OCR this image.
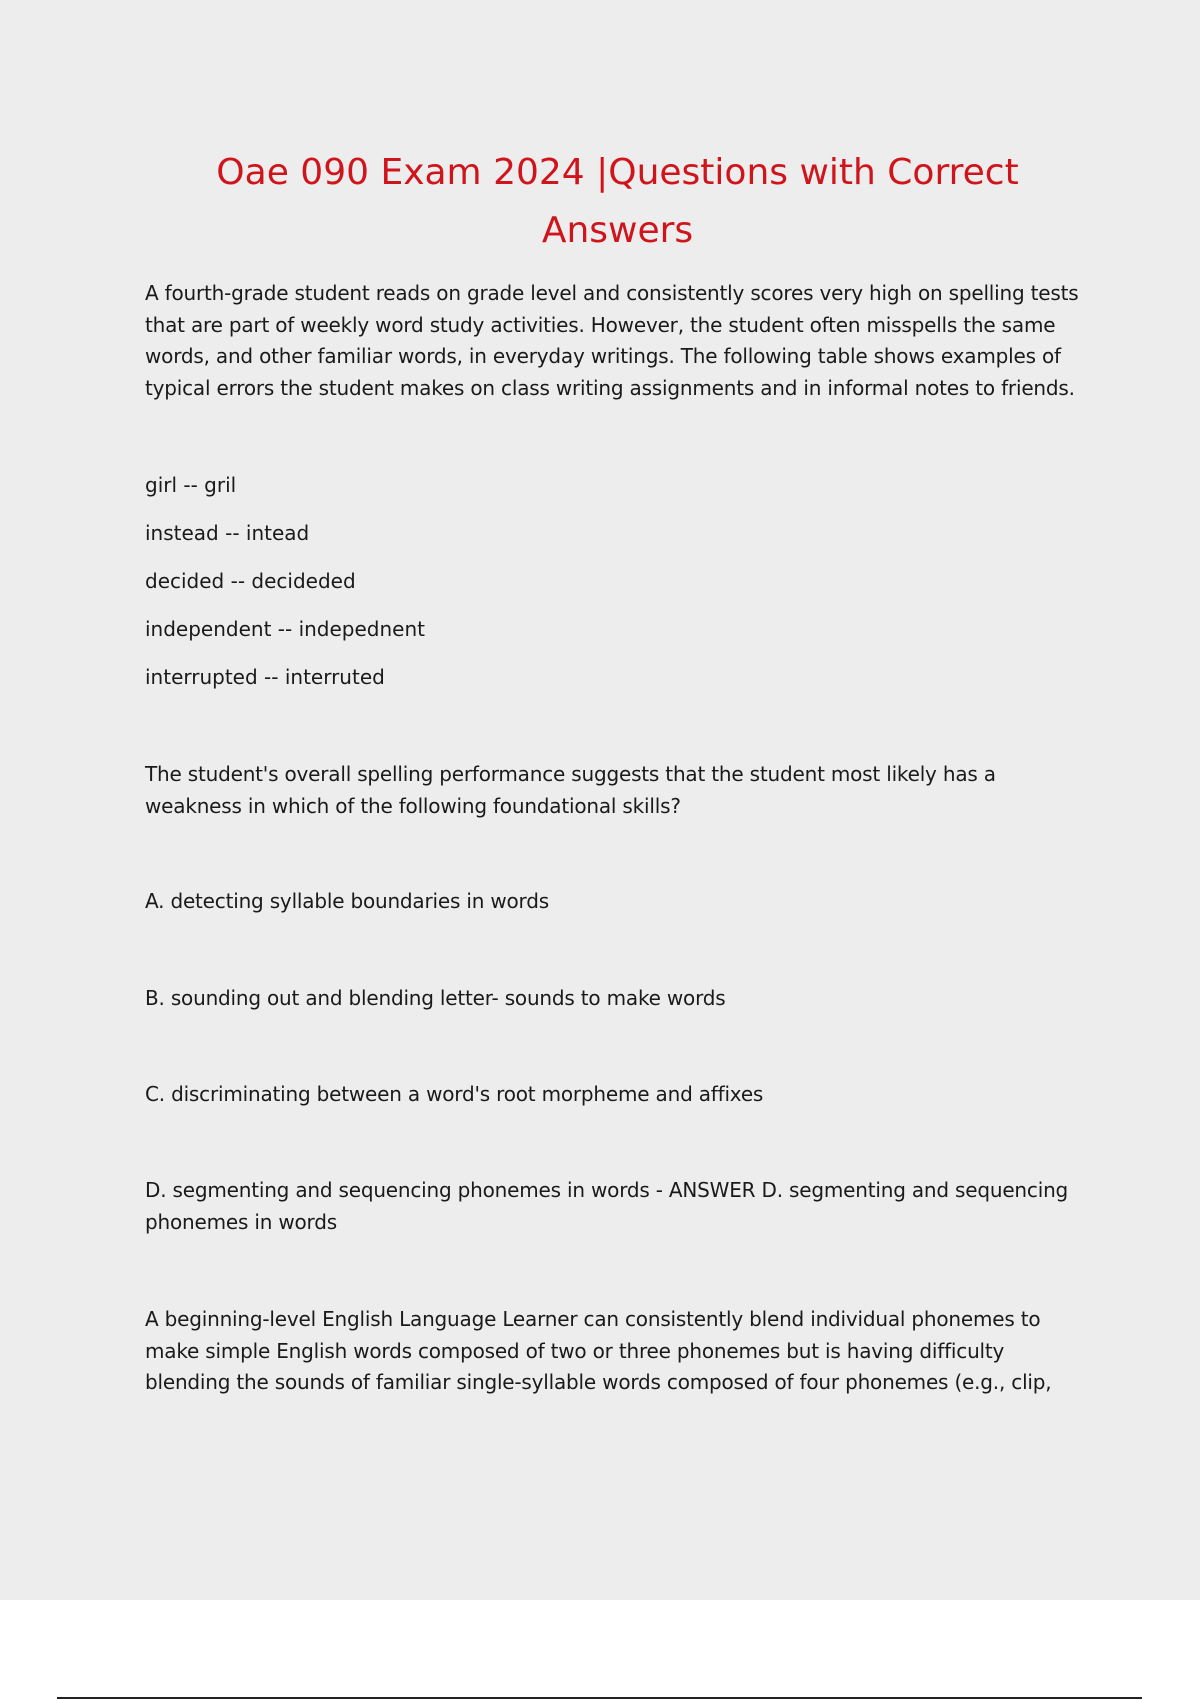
Oae 090 Exam 2024 |Questions with Correct Answers

A fourth-grade student reads on grade level and consistently scores very high on spelling tests that are part of weekly word study activities. However, the student often misspells the same words, and other familiar words, in everyday writings. The following table shows examples of typical errors the student makes on class writing assignments and in informal notes to friends.

girl -- gril
instead -- intead
decided -- decideded
independent -- indepednent
interrupted -- interruted

The student's overall spelling performance suggests that the student most likely has a weakness in which of the following foundational skills?

A. detecting syllable boundaries in words

B. sounding out and blending letter- sounds to make words

C. discriminating between a word's root morpheme and affixes

D. segmenting and sequencing phonemes in words - ANSWER D. segmenting and sequencing phonemes in words

A beginning-level English Language Learner can consistently blend individual phonemes to make simple English words composed of two or three phonemes but is having difficulty blending the sounds of familiar single-syllable words composed of four phonemes (e.g., clip,
